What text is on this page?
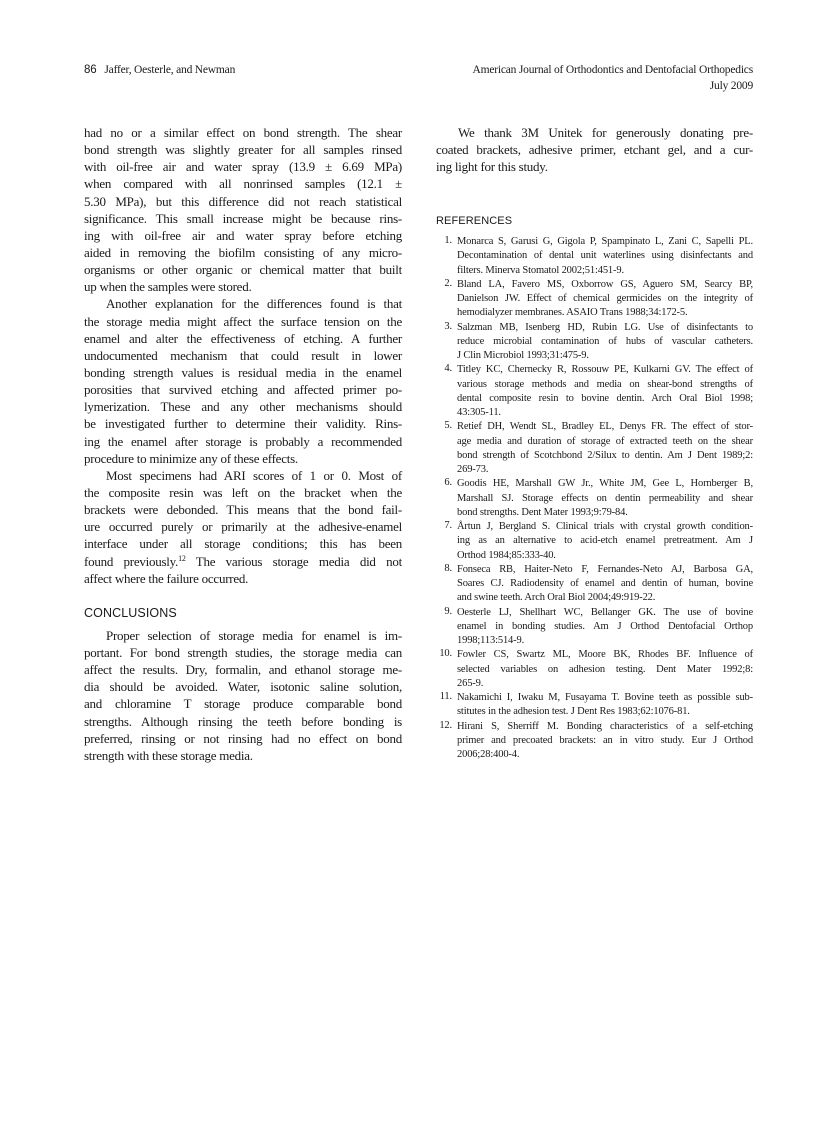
86 Jaffer, Oesterle, and Newman	American Journal of Orthodontics and Dentofacial Orthopedics
July 2009
had no or a similar effect on bond strength. The shear
bond strength was slightly greater for all samples rinsed
with oil-free air and water spray (13.9 ± 6.69 MPa)
when compared with all nonrinsed samples (12.1 ±
5.30 MPa), but this difference did not reach statistical
significance. This small increase might be because rins-
ing with oil-free air and water spray before etching
aided in removing the biofilm consisting of any micro-
organisms or other organic or chemical matter that built
up when the samples were stored.
Another explanation for the differences found is that
the storage media might affect the surface tension on the
enamel and alter the effectiveness of etching. A further
undocumented mechanism that could result in lower
bonding strength values is residual media in the enamel
porosities that survived etching and affected primer po-
lymerization. These and any other mechanisms should
be investigated further to determine their validity. Rins-
ing the enamel after storage is probably a recommended
procedure to minimize any of these effects.
Most specimens had ARI scores of 1 or 0. Most of
the composite resin was left on the bracket when the
brackets were debonded. This means that the bond fail-
ure occurred purely or primarily at the adhesive-enamel
interface under all storage conditions; this has been
found previously.$^{12}$ The various storage media did not
affect where the failure occurred.
CONCLUSIONS
Proper selection of storage media for enamel is im-
portant. For bond strength studies, the storage media can
affect the results. Dry, formalin, and ethanol storage me-
dia should be avoided. Water, isotonic saline solution,
and chloramine T storage produce comparable bond
strengths. Although rinsing the teeth before bonding is
preferred, rinsing or not rinsing had no effect on bond
strength with these storage media.
We thank 3M Unitek for generously donating pre-
coated brackets, adhesive primer, etchant gel, and a cur-
ing light for this study.
REFERENCES
1. Monarca S, Garusi G, Gigola P, Spampinato L, Zani C, Sapelli PL.
Decontamination of dental unit waterlines using disinfectants and
filters. Minerva Stomatol 2002;51:451-9.
2. Bland LA, Favero MS, Oxborrow GS, Aguero SM, Searcy BP,
Danielson JW. Effect of chemical germicides on the integrity of
hemodialyzer membranes. ASAIO Trans 1988;34:172-5.
3. Salzman MB, Isenberg HD, Rubin LG. Use of disinfectants to
reduce microbial contamination of hubs of vascular catheters.
J Clin Microbiol 1993;31:475-9.
4. Titley KC, Chernecky R, Rossouw PE, Kulkarni GV. The effect of
various storage methods and media on shear-bond strengths of
dental composite resin to bovine dentin. Arch Oral Biol 1998;
43:305-11.
5. Retief DH, Wendt SL, Bradley EL, Denys FR. The effect of stor-
age media and duration of storage of extracted teeth on the shear
bond strength of Scotchbond 2/Silux to dentin. Am J Dent 1989;2:
269-73.
6. Goodis HE, Marshall GW Jr., White JM, Gee L, Hornberger B,
Marshall SJ. Storage effects on dentin permeability and shear
bond strengths. Dent Mater 1993;9:79-84.
7. Årtun J, Bergland S. Clinical trials with crystal growth condition-
ing as an alternative to acid-etch enamel pretreatment. Am J
Orthod 1984;85:333-40.
8. Fonseca RB, Haiter-Neto F, Fernandes-Neto AJ, Barbosa GA,
Soares CJ. Radiodensity of enamel and dentin of human, bovine
and swine teeth. Arch Oral Biol 2004;49:919-22.
9. Oesterle LJ, Shellhart WC, Bellanger GK. The use of bovine
enamel in bonding studies. Am J Orthod Dentofacial Orthop
1998;113:514-9.
10. Fowler CS, Swartz ML, Moore BK, Rhodes BF. Influence of
selected variables on adhesion testing. Dent Mater 1992;8:
265-9.
11. Nakamichi I, Iwaku M, Fusayama T. Bovine teeth as possible sub-
stitutes in the adhesion test. J Dent Res 1983;62:1076-81.
12. Hirani S, Sherriff M. Bonding characteristics of a self-etching
primer and precoated brackets: an in vitro study. Eur J Orthod
2006;28:400-4.
